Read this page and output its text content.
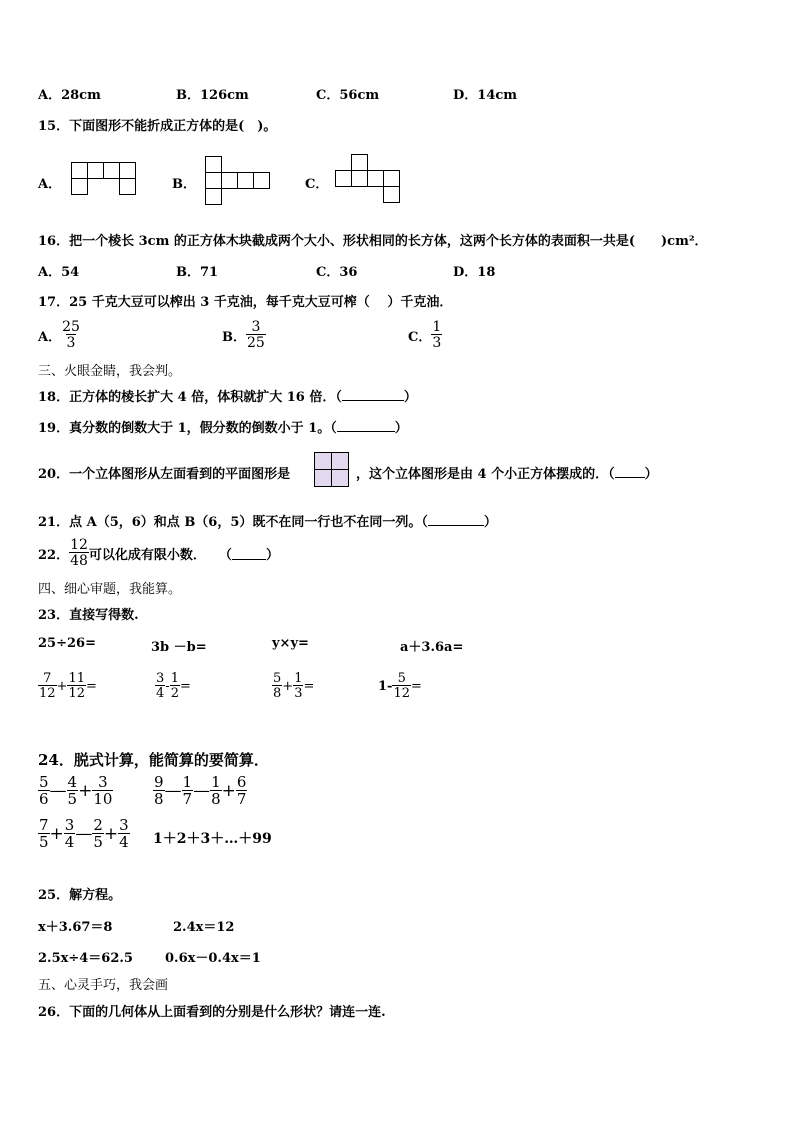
A．28cm	B．126cm	C．56cm	D．14cm
15．下面图形不能折成正方体的是(　)。
A．	B．	C．
16．把一个棱长 3cm 的正方体木块截成两个大小、形状相同的长方体，这两个长方体的表面积一共是(　　)cm²．
A．54	B．71	C．36	D．18
17．25 千克大豆可以榨出 3 千克油，每千克大豆可榨（　 ）千克油．
A． $\frac{25}{3}$	B． $\frac{3}{25}$	C． $\frac{1}{3}$
三、火眼金睛，我会判。
18．正方体的棱长扩大 4 倍，体积就扩大 16 倍．（	）
19．真分数的倒数大于 1，假分数的倒数小于 1。（	）
20．一个立体图形从左面看到的平面图形是	，这个立体图形是由 4 个小正方体摆成的．（ ）
21．点 A（5，6）和点 B（6，5）既不在同一行也不在同一列。（	）
22． $\frac{12}{48}$ 可以化成有限小数．　　（	）
四、细心审题，我能算。
23．直接写得数.
25÷26=	3b －b=	y×y=	a＋3.6a=
$\frac{7}{12} + \frac{11}{12}$ =	$\frac{3}{4} - \frac{1}{2}$ =	$\frac{5}{8} + \frac{1}{3}$ =	$1- \frac{5}{12}$ =
24．脱式计算，能简算的要简算．
$\frac{5}{6}$ — $\frac{4}{5} + \frac{3}{10}$	$\frac{9}{8}$ — $\frac{1}{7}$ — $\frac{1}{8} + \frac{6}{7}$
$\frac{7}{5} + \frac{3}{4}$ — $\frac{2}{5} + \frac{3}{4}$ 1＋2＋3＋…＋99
25．解方程。
x＋3.67＝8	2.4x＝12
2.5x÷4＝62.5 0.6x－0.4x＝1
五、心灵手巧，我会画
26．下面的几何体从上面看到的分别是什么形状？请连一连.
